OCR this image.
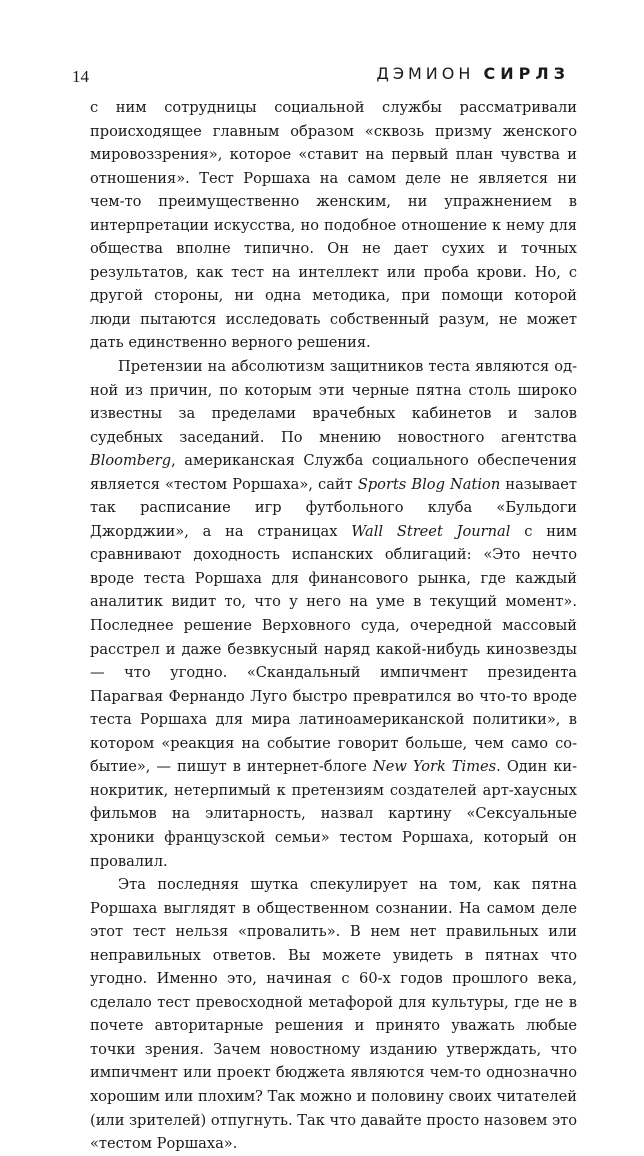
14	ДЭМИОН СИРЛЗ

с ним сотрудницы социальной службы рассматривали происходящее главным образом «сквозь призму женского мировоззрения», которое «ставит на первый план чувства и отношения». Тест Роршаха на самом деле не является ни чем-то преимущественно женским, ни упражнением в интерпретации искусства, но подобное отношение к нему для общества вполне типично. Он не дает сухих и точных результатов, как тест на интеллект или проба крови. Но, с другой стороны, ни одна методика, при помощи которой люди пытаются исследовать собственный разум, не может дать единственно верного решения.

Претензии на абсолютизм защитников теста являются одной из причин, по которым эти черные пятна столь широко известны за пределами врачебных кабинетов и залов судебных заседаний. По мнению новостного агентства Bloomberg, американская Служба социального обеспечения является «тестом Роршаха», сайт Sports Blog Nation называет так расписание игр футбольного клуба «Бульдоги Джорджии», а на страницах Wall Street Journal с ним сравнивают доходность испанских облигаций: «Это нечто вроде теста Роршаха для финансового рынка, где каждый аналитик видит то, что у него на уме в текущий момент». Последнее решение Верховного суда, очередной массовый расстрел и даже безвкусный наряд какой-нибудь кинозвезды — что угодно. «Скандальный импичмент президента Парагвая Фернандо Луго быстро превратился во что-то вроде теста Роршаха для мира латиноамериканской политики», в котором «реакция на событие говорит больше, чем само событие», — пишут в интернет-блоге New York Times. Один кинокритик, нетерпимый к претензиям создателей арт-хаусных фильмов на элитарность, назвал картину «Сексуальные хроники французской семьи» тестом Роршаха, который он провалил.

Эта последняя шутка спекулирует на том, как пятна Роршаха выглядят в общественном сознании. На самом деле этот тест нельзя «провалить». В нем нет правильных или неправильных ответов. Вы можете увидеть в пятнах что угодно. Именно это, начиная с 60-х годов прошлого века, сделало тест превосходной метафорой для культуры, где не в почете авторитарные решения и принято уважать любые точки зрения. Зачем новостному изданию утверждать, что импичмент или проект бюджета являются чем-то однозначно хорошим или плохим? Так можно и половину своих читателей (или зрителей) отпугнуть. Так что давайте просто назовем это «тестом Роршаха».
